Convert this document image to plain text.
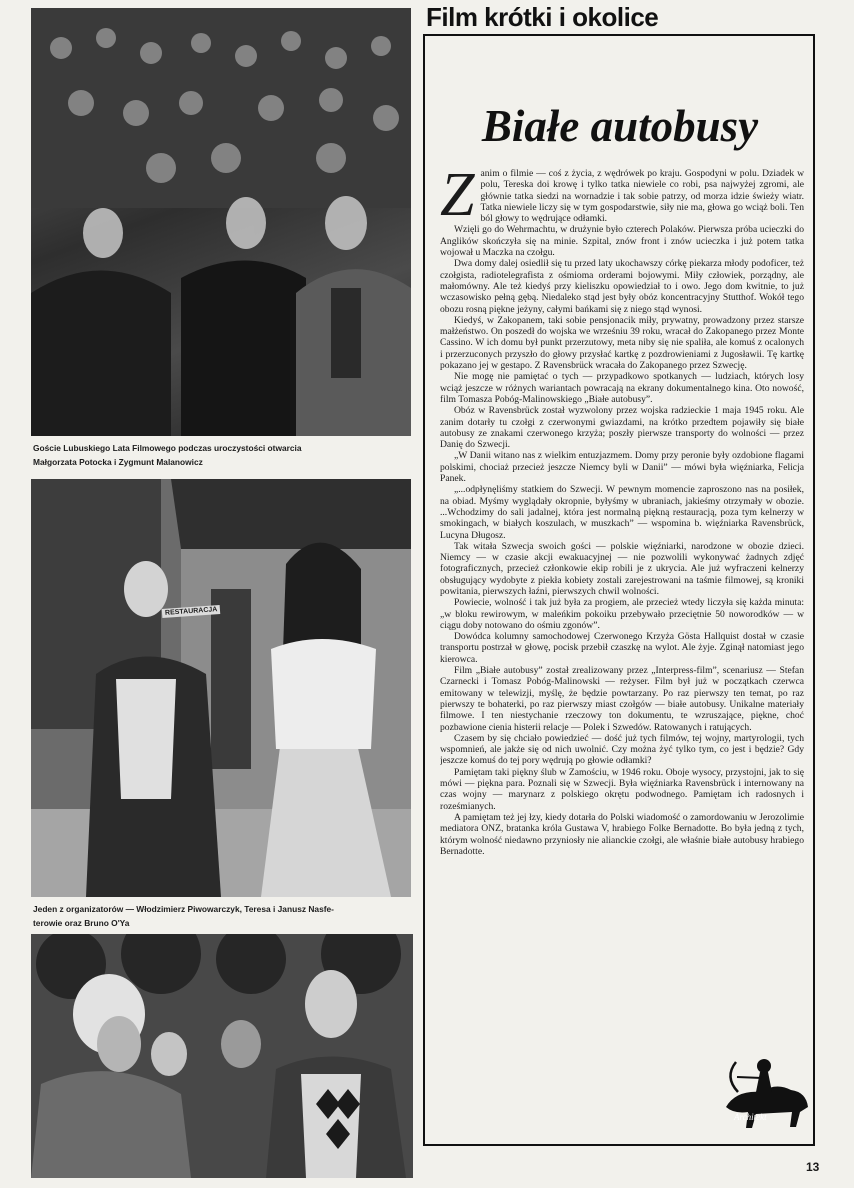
Film krótki i okolice

Goście Lubuskiego Lata Filmowego podczas uroczystości otwarcia

Małgorzata Potocka i Zygmunt Malanowicz

RESTAURACJA

Jeden z organizatorów — Włodzimierz Piwowarczyk, Teresa i Janusz Nasfe-

terowie oraz Bruno O'Ya

Białe autobusy

Zanim o filmie — coś z życia, z wędrówek po kraju. Gospodyni w polu. Dziadek w polu, Tereska doi krowę i tylko tatka niewiele co robi, psa najwyżej zgromi, ale głównie tatka siedzi na wornadzie i tak sobie patrzy, od morza idzie świeży wiatr. Tatka niewiele liczy się w tym gospodarstwie, siły nie ma, głowa go wciąż boli. Ten ból głowy to wędrujące odłamki.

Wzięli go do Wehrmachtu, w drużynie było czterech Polaków. Pierwsza próba ucieczki do Anglików skończyła się na minie. Szpital, znów front i znów ucieczka i już potem tatka wojował u Maczka na czołgu.

Dwa domy dalej osiedlił się tu przed laty ukochawszy córkę piekarza młody podoficer, też czołgista, radiotelegrafista z ośmioma orderami bojowymi. Miły człowiek, porządny, ale małomówny. Ale też kiedyś przy kieliszku opowiedział to i owo. Jego dom kwitnie, to już wczasowisko pełną gębą. Niedaleko stąd jest były obóz koncentracyjny Stutthof. Wokół tego obozu rosną piękne jeżyny, całymi bańkami się z niego stąd wynosi.

Kiedyś, w Zakopanem, taki sobie pensjonacik miły, prywatny, prowadzony przez starsze małżeństwo. On poszedł do wojska we wrześniu 39 roku, wracał do Zakopanego przez Monte Cassino. W ich domu był punkt przerzutowy, meta niby się nie spaliła, ale komuś z ocalonych i przerzuconych przyszło do głowy przysłać kartkę z pozdrowieniami z Jugosławii. Tę kartkę pokazano jej w gestapo. Z Ravensbrück wracała do Zakopanego przez Szwecję.

Nie mogę nie pamiętać o tych — przypadkowo spotkanych — ludziach, których losy wciąż jeszcze w różnych wariantach powracają na ekrany dokumentalnego kina. Oto nowość, film Tomasza Pobóg-Malinowskiego „Białe autobusy”.

Obóz w Ravensbrück został wyzwolony przez wojska radzieckie 1 maja 1945 roku. Ale zanim dotarły tu czołgi z czerwonymi gwiazdami, na krótko przedtem pojawiły się białe autobusy ze znakami czerwonego krzyża; poszły pierwsze transporty do wolności — przez Danię do Szwecji.

„W Danii witano nas z wielkim entuzjazmem. Domy przy peronie były ozdobione flagami polskimi, chociaż przecież jeszcze Niemcy byli w Danii” — mówi była więźniarka, Felicja Panek.

„...odpłynęliśmy statkiem do Szwecji. W pewnym momencie zaproszono nas na posiłek, na obiad. Myśmy wyglądały okropnie, byłyśmy w ubraniach, jakieśmy otrzymały w obozie. ...Wchodzimy do sali jadalnej, która jest normalną piękną restauracją, poza tym kelnerzy w smokingach, w białych koszulach, w muszkach” — wspomina b. więźniarka Ravensbrück, Lucyna Długosz.

Tak witała Szwecja swoich gości — polskie więźniarki, narodzone w obozie dzieci. Niemcy — w czasie akcji ewakuacyjnej — nie pozwolili wykonywać żadnych zdjęć fotograficznych, przecież członkowie ekip robili je z ukrycia. Ale już wyfraczeni kelnerzy obsługujący wydobyte z piekła kobiety zostali zarejestrowani na taśmie filmowej, są kroniki powitania, pierwszych łaźni, pierwszych chwil wolności.

Powiecie, wolność i tak już była za progiem, ale przecież wtedy liczyła się każda minuta: „w bloku rewirowym, w maleńkim pokoiku przebywało przeciętnie 50 noworodków — w ciągu doby notowano do ośmiu zgonów”.

Dowódca kolumny samochodowej Czerwonego Krzyża Gösta Hallquist dostał w czasie transportu postrzał w głowę, pocisk przebił czaszkę na wylot. Ale żyje. Zginął natomiast jego kierowca.

Film „Białe autobusy” został zrealizowany przez „Interpress-film”, scenariusz — Stefan Czarnecki i Tomasz Pobóg-Malinowski — reżyser. Film był już w początkach czerwca emitowany w telewizji, myślę, że będzie powtarzany. Po raz pierwszy ten temat, po raz pierwszy te bohaterki, po raz pierwszy miast czołgów — białe autobusy. Unikalne materiały filmowe. I ten niestychanie rzeczowy ton dokumentu, te wzruszające, piękne, choć pozbawione cienia histerii relacje — Polek i Szwedów. Ratowanych i ratujących.

Czasem by się chciało powiedzieć — dość już tych filmów, tej wojny, martyrologii, tych wspomnień, ale jakże się od nich uwolnić. Czy można żyć tylko tym, co jest i będzie? Gdy jeszcze komuś do tej pory wędrują po głowie odłamki?

Pamiętam taki piękny ślub w Zamościu, w 1946 roku. Oboje wysocy, przystojni, jak to się mówi — piękna para. Poznali się w Szwecji. Była więźniarka Ravensbrück i internowany na czas wojny — marynarz z polskiego okrętu podwodnego. Pamiętam ich radosnych i roześmianych.

A pamiętam też jej łzy, kiedy dotarła do Polski wiadomość o zamordowaniu w Jerozolimie mediatora ONZ, bratanka króla Gustawa V, hrabiego Folke Bernadotte. Bo była jedną z tych, którym wolność niedawno przyniosły nie alianckie czołgi, ale właśnie białe autobusy hrabiego Bernadotte.

Architekt
13
